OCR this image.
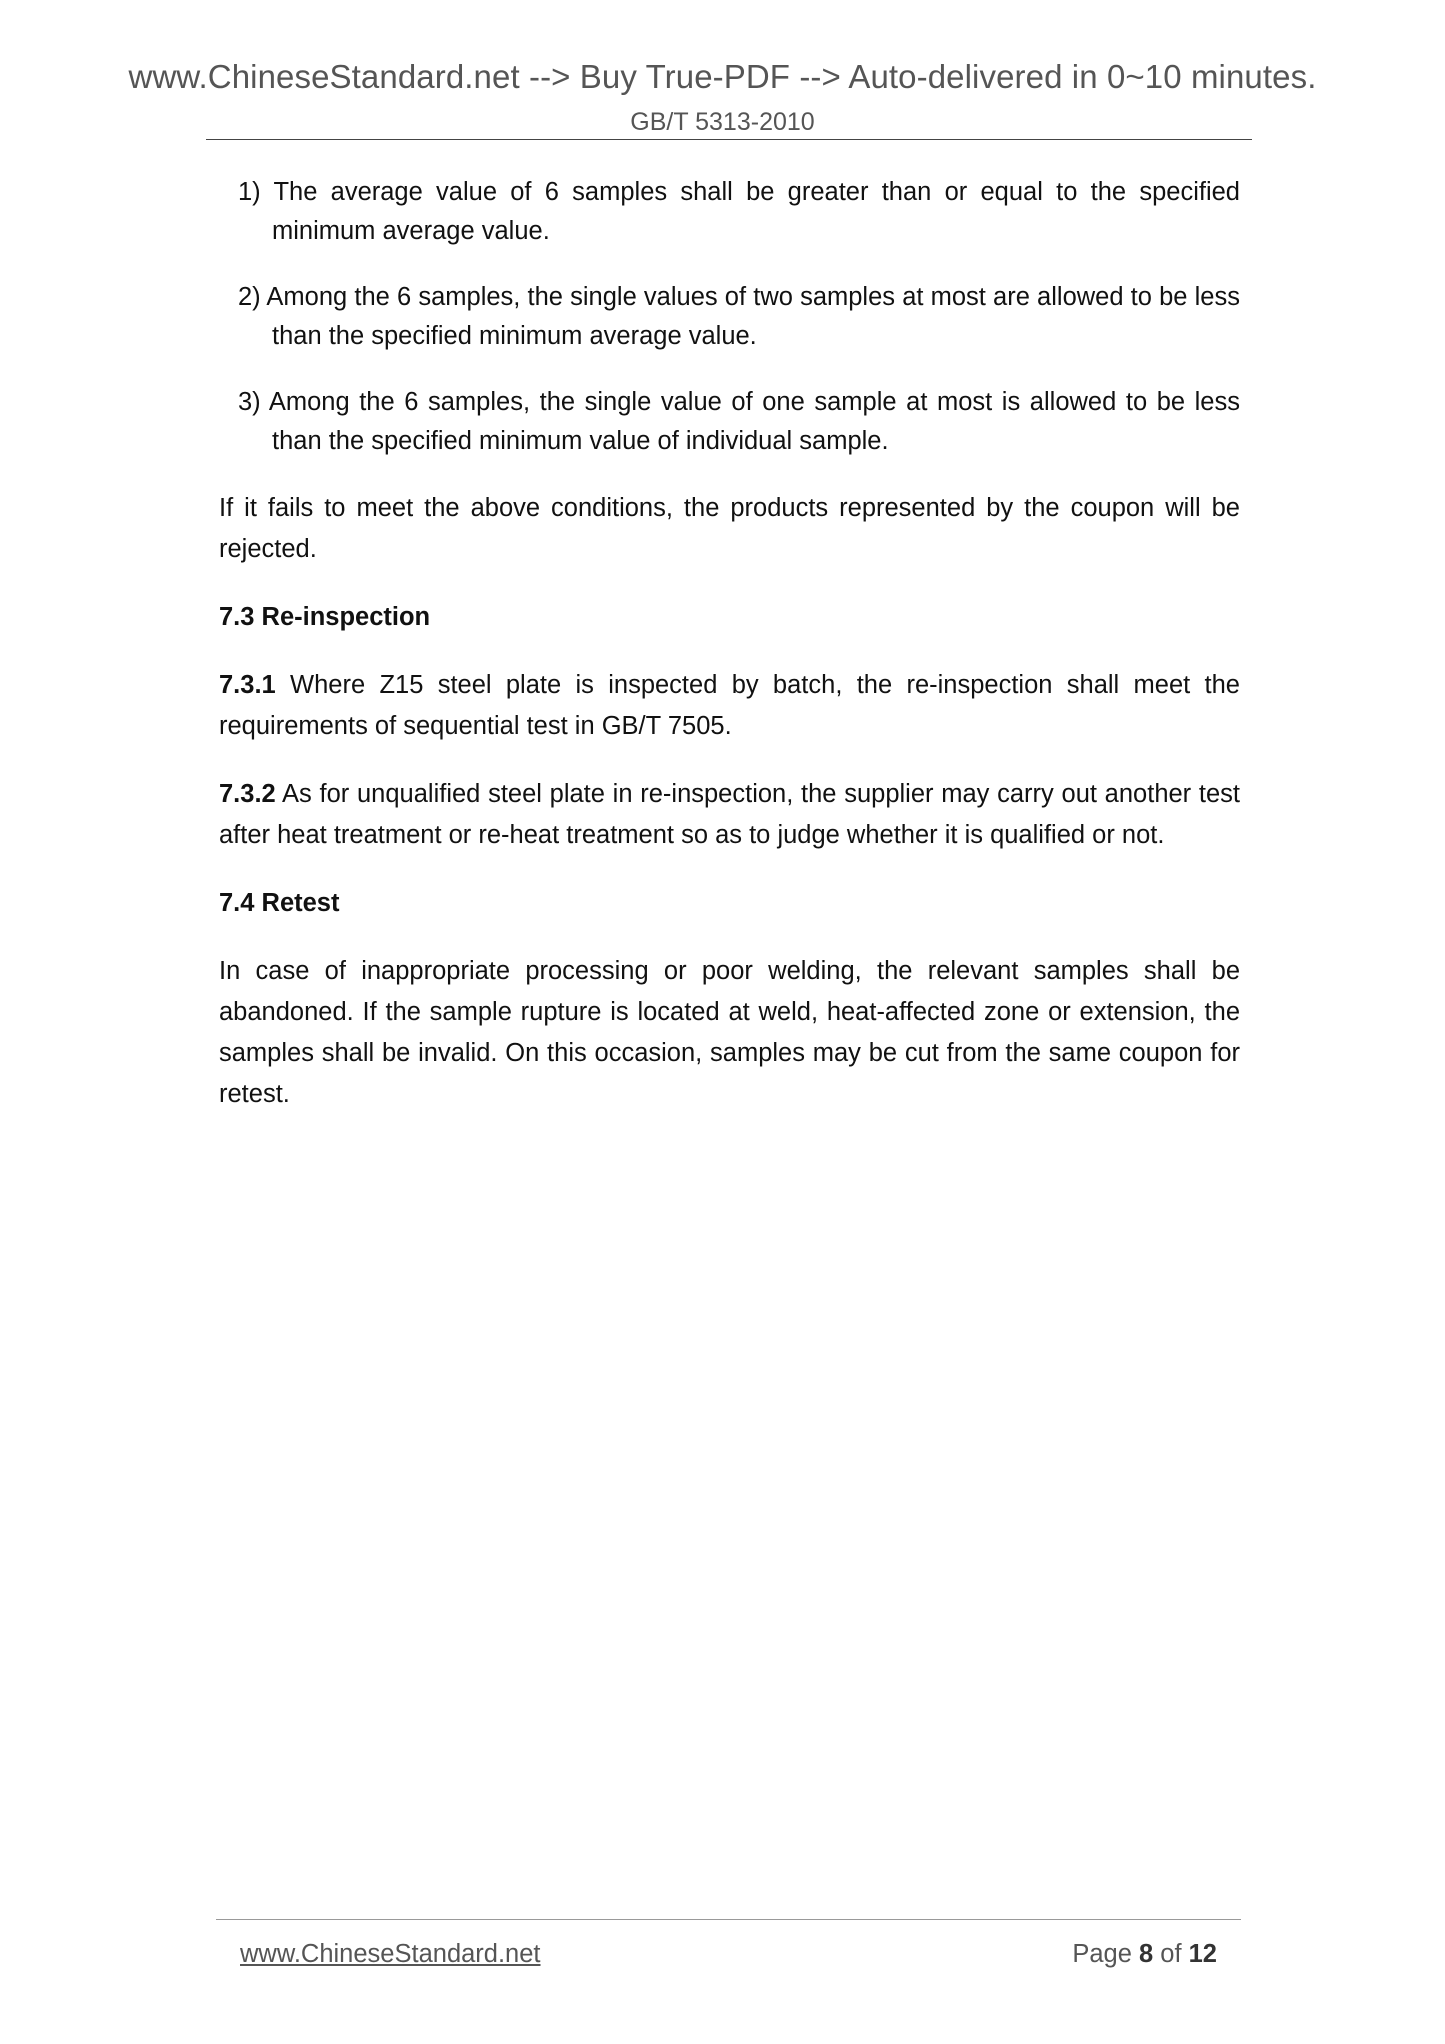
www.ChineseStandard.net --> Buy True-PDF --> Auto-delivered in 0~10 minutes.
GB/T 5313-2010

1) The average value of 6 samples shall be greater than or equal to the specified minimum average value.

2) Among the 6 samples, the single values of two samples at most are allowed to be less than the specified minimum average value.

3) Among the 6 samples, the single value of one sample at most is allowed to be less than the specified minimum value of individual sample.

If it fails to meet the above conditions, the products represented by the coupon will be rejected.

7.3 Re-inspection

7.3.1 Where Z15 steel plate is inspected by batch, the re-inspection shall meet the requirements of sequential test in GB/T 7505.

7.3.2 As for unqualified steel plate in re-inspection, the supplier may carry out another test after heat treatment or re-heat treatment so as to judge whether it is qualified or not.

7.4 Retest

In case of inappropriate processing or poor welding, the relevant samples shall be abandoned. If the sample rupture is located at weld, heat-affected zone or extension, the samples shall be invalid. On this occasion, samples may be cut from the same coupon for retest.

www.ChineseStandard.net	Page 8 of 12
